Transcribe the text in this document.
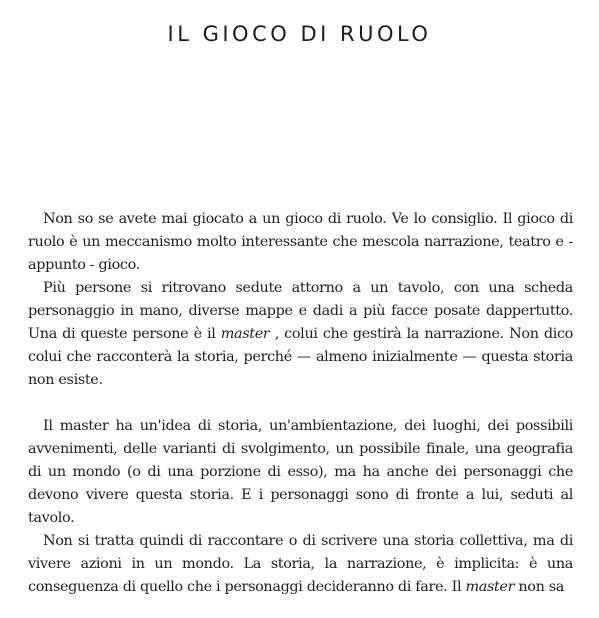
IL GIOCO DI RUOLO

Non so se avete mai giocato a un gioco di ruolo. Ve lo consiglio. Il gioco di ruolo è un meccanismo molto interessante che mescola narrazione, teatro e - appunto - gioco.

Più persone si ritrovano sedute attorno a un tavolo, con una scheda personaggio in mano, diverse mappe e dadi a più facce posate dappertutto. Una di queste persone è il master , colui che gestirà la narrazione. Non dico colui che racconterà la storia, perché — almeno inizialmente — questa storia non esiste.

Il master ha un'idea di storia, un'ambientazione, dei luoghi, dei possibili avvenimenti, delle varianti di svolgimento, un possibile finale, una geografia di un mondo (o di una porzione di esso), ma ha anche dei personaggi che devono vivere questa storia. E i personaggi sono di fronte a lui, seduti al tavolo.

Non si tratta quindi di raccontare o di scrivere una storia collettiva, ma di vivere azioni in un mondo. La storia, la narrazione, è implicita: è una conseguenza di quello che i personaggi decideranno di fare. Il master non sa
